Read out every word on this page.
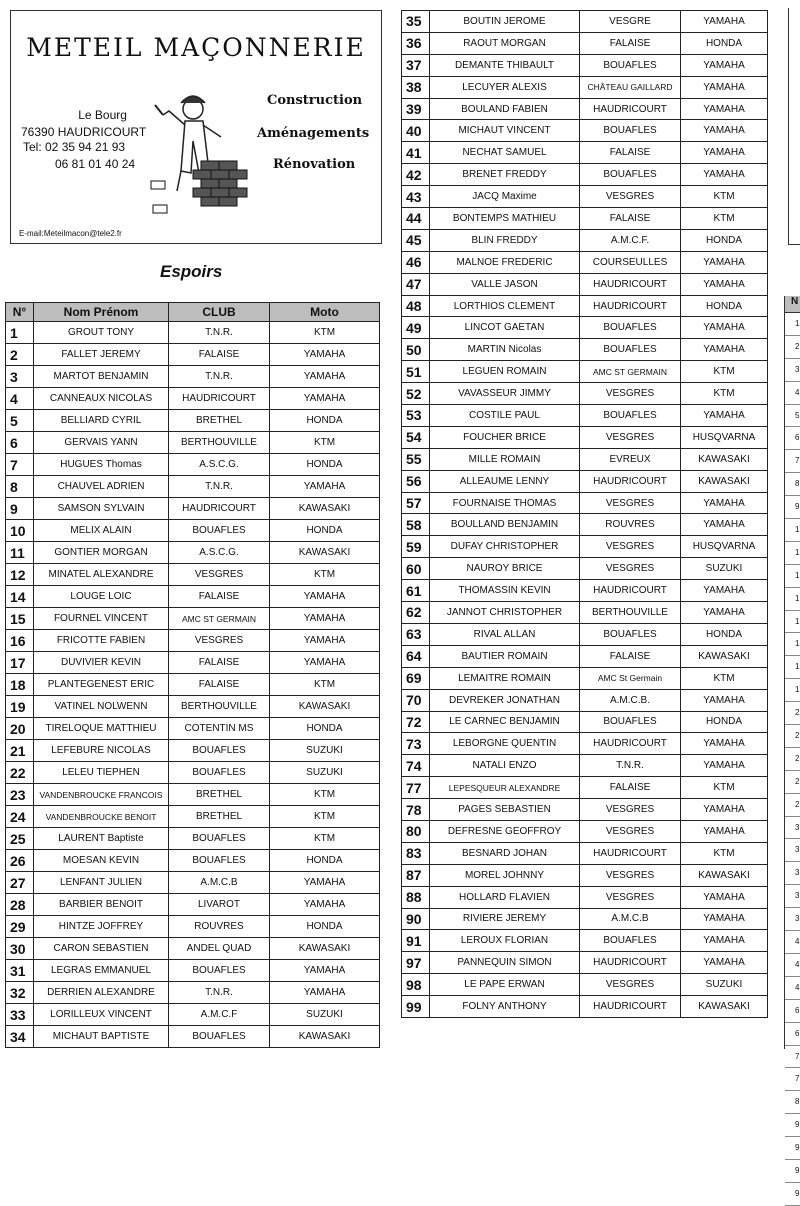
METEIL MAÇONNERIE
Le Bourg
76390 HAUDRICOURT
Tel: 02 35 94 21 93
06 81 01 40 24
Construction
Aménagements
Rénovation
E-mail:Meteilmacon@tele2.fr
Espoirs
N°	Nom Prénom	CLUB	Moto
1	GROUT TONY	T.N.R.	KTM
2	FALLET JEREMY	FALAISE	YAMAHA
3	MARTOT BENJAMIN	T.N.R.	YAMAHA
4	CANNEAUX NICOLAS	HAUDRICOURT	YAMAHA
5	BELLIARD CYRIL	BRETHEL	HONDA
6	GERVAIS YANN	BERTHOUVILLE	KTM
7	HUGUES Thomas	A.S.C.G.	HONDA
8	CHAUVEL ADRIEN	T.N.R.	YAMAHA
9	SAMSON SYLVAIN	HAUDRICOURT	KAWASAKI
10	MELIX ALAIN	BOUAFLES	HONDA
11	GONTIER MORGAN	A.S.C.G.	KAWASAKI
12	MINATEL ALEXANDRE	VESGRES	KTM
14	LOUGE LOIC	FALAISE	YAMAHA
15	FOURNEL VINCENT	AMC ST GERMAIN	YAMAHA
16	FRICOTTE FABIEN	VESGRES	YAMAHA
17	DUVIVIER KEVIN	FALAISE	YAMAHA
18	PLANTEGENEST ERIC	FALAISE	KTM
19	VATINEL NOLWENN	BERTHOUVILLE	KAWASAKI
20	TIRELOQUE MATTHIEU	COTENTIN MS	HONDA
21	LEFEBURE NICOLAS	BOUAFLES	SUZUKI
22	LELEU TIEPHEN	BOUAFLES	SUZUKI
23	VANDENBROUCKE FRANCOIS	BRETHEL	KTM
24	VANDENBROUCKE BENOIT	BRETHEL	KTM
25	LAURENT Baptiste	BOUAFLES	KTM
26	MOESAN KEVIN	BOUAFLES	HONDA
27	LENFANT JULIEN	A.M.C.B	YAMAHA
28	BARBIER BENOIT	LIVAROT	YAMAHA
29	HINTZE JOFFREY	ROUVRES	HONDA
30	CARON SEBASTIEN	ANDEL QUAD	KAWASAKI
31	LEGRAS EMMANUEL	BOUAFLES	YAMAHA
32	DERRIEN ALEXANDRE	T.N.R.	YAMAHA
33	LORILLEUX VINCENT	A.M.C.F	SUZUKI
34	MICHAUT BAPTISTE	BOUAFLES	KAWASAKI
35	BOUTIN JEROME	VESGRE	YAMAHA
36	RAOUT MORGAN	FALAISE	HONDA
37	DEMANTE THIBAULT	BOUAFLES	YAMAHA
38	LECUYER ALEXIS	CHÂTEAU GAILLARD	YAMAHA
39	BOULAND FABIEN	HAUDRICOURT	YAMAHA
40	MICHAUT VINCENT	BOUAFLES	YAMAHA
41	NECHAT SAMUEL	FALAISE	YAMAHA
42	BRENET FREDDY	BOUAFLES	YAMAHA
43	JACQ Maxime	VESGRES	KTM
44	BONTEMPS MATHIEU	FALAISE	KTM
45	BLIN FREDDY	A.M.C.F.	HONDA
46	MALNOE FREDERIC	COURSEULLES	YAMAHA
47	VALLE JASON	HAUDRICOURT	YAMAHA
48	LORTHIOS CLEMENT	HAUDRICOURT	HONDA
49	LINCOT GAETAN	BOUAFLES	YAMAHA
50	MARTIN Nicolas	BOUAFLES	YAMAHA
51	LEGUEN ROMAIN	AMC ST GERMAIN	KTM
52	VAVASSEUR JIMMY	VESGRES	KTM
53	COSTILE PAUL	BOUAFLES	YAMAHA
54	FOUCHER BRICE	VESGRES	HUSQVARNA
55	MILLE ROMAIN	EVREUX	KAWASAKI
56	ALLEAUME LENNY	HAUDRICOURT	KAWASAKI
57	FOURNAISE THOMAS	VESGRES	YAMAHA
58	BOULLAND BENJAMIN	ROUVRES	YAMAHA
59	DUFAY CHRISTOPHER	VESGRES	HUSQVARNA
60	NAUROY BRICE	VESGRES	SUZUKI
61	THOMASSIN KEVIN	HAUDRICOURT	YAMAHA
62	JANNOT CHRISTOPHER	BERTHOUVILLE	YAMAHA
63	RIVAL ALLAN	BOUAFLES	HONDA
64	BAUTIER ROMAIN	FALAISE	KAWASAKI
69	LEMAITRE ROMAIN	AMC St Germain	KTM
70	DEVREKER JONATHAN	A.M.C.B.	YAMAHA
72	LE CARNEC BENJAMIN	BOUAFLES	HONDA
73	LEBORGNE QUENTIN	HAUDRICOURT	YAMAHA
74	NATALI ENZO	T.N.R.	YAMAHA
77	LEPESQUEUR ALEXANDRE	FALAISE	KTM
78	PAGES SEBASTIEN	VESGRES	YAMAHA
80	DEFRESNE GEOFFROY	VESGRES	YAMAHA
83	BESNARD JOHAN	HAUDRICOURT	KTM
87	MOREL JOHNNY	VESGRES	KAWASAKI
88	HOLLARD FLAVIEN	VESGRES	YAMAHA
90	RIVIERE JEREMY	A.M.C.B	YAMAHA
91	LEROUX FLORIAN	BOUAFLES	YAMAHA
97	PANNEQUIN SIMON	HAUDRICOURT	YAMAHA
98	LE PAPE ERWAN	VESGRES	SUZUKI
99	FOLNY ANTHONY	HAUDRICOURT	KAWASAKI
N
1
2
3
4
5
6
7
8
9
1
1
1
1
1
1
1
1
2
2
2
2
2
3
3
3
3
3
4
4
4
6
6
7
7
8
9
9
9
9
